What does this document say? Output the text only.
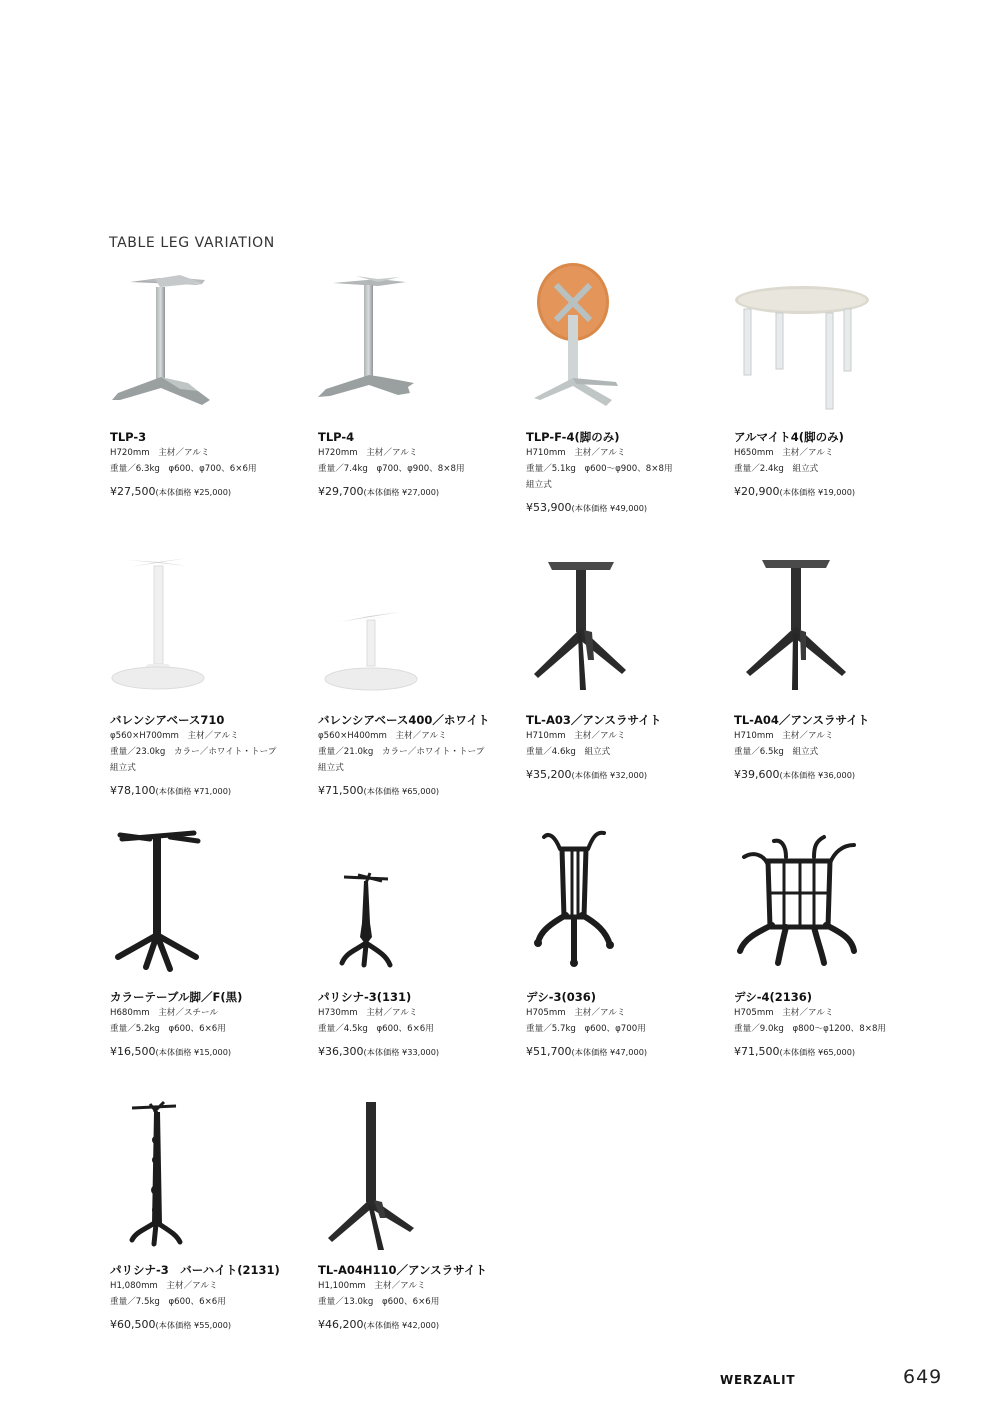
TABLE LEG VARIATION
TLP-3
H720mm　主材／アルミ
重量／6.3kg　φ600、φ700、6×6用
¥27,500(本体価格 ¥25,000)
TLP-4
H720mm　主材／アルミ
重量／7.4kg　φ700、φ900、8×8用
¥29,700(本体価格 ¥27,000)
TLP-F-4(脚のみ)
H710mm　主材／アルミ
重量／5.1kg　φ600～φ900、8×8用
組立式
¥53,900(本体価格 ¥49,000)
アルマイト4(脚のみ)
H650mm　主材／アルミ
重量／2.4kg　組立式
¥20,900(本体価格 ¥19,000)
バレンシアベース710
φ560×H700mm　主材／アルミ
重量／23.0kg　カラー／ホワイト・トープ
組立式
¥78,100(本体価格 ¥71,000)
バレンシアベース400／ホワイト
φ560×H400mm　主材／アルミ
重量／21.0kg　カラー／ホワイト・トープ
組立式
¥71,500(本体価格 ¥65,000)
TL-A03／アンスラサイト
H710mm　主材／アルミ
重量／4.6kg　組立式
¥35,200(本体価格 ¥32,000)
TL-A04／アンスラサイト
H710mm　主材／アルミ
重量／6.5kg　組立式
¥39,600(本体価格 ¥36,000)
カラーテーブル脚／F(黒)
H680mm　主材／スチール
重量／5.2kg　φ600、6×6用
¥16,500(本体価格 ¥15,000)
パリシナ-3(131)
H730mm　主材／アルミ
重量／4.5kg　φ600、6×6用
¥36,300(本体価格 ¥33,000)
デシ-3(036)
H705mm　主材／アルミ
重量／5.7kg　φ600、φ700用
¥51,700(本体価格 ¥47,000)
デシ-4(2136)
H705mm　主材／アルミ
重量／9.0kg　φ800～φ1200、8×8用
¥71,500(本体価格 ¥65,000)
パリシナ-3　バーハイト(2131)
H1,080mm　主材／アルミ
重量／7.5kg　φ600、6×6用
¥60,500(本体価格 ¥55,000)
TL-A04H110／アンスラサイト
H1,100mm　主材／アルミ
重量／13.0kg　φ600、6×6用
¥46,200(本体価格 ¥42,000)
WERZALIT	649
